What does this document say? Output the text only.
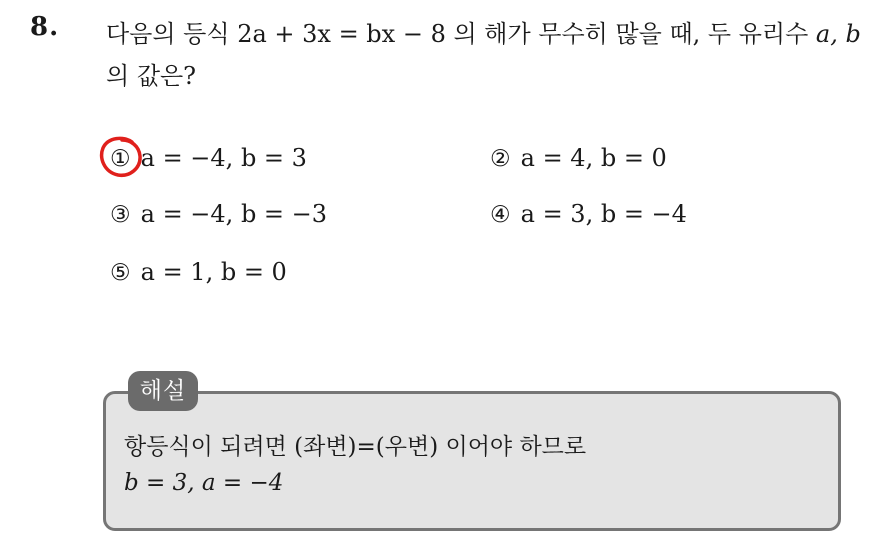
8. 다음의 등식 2a + 3x = bx − 8 의 해가 무수히 많을 때, 두 유리수 a, b
의 값은?
① a = −4, b = 3	② a = 4, b = 0
③ a = −4, b = −3	④ a = 3, b = −4
⑤ a = 1, b = 0
해설
항등식이 되려면 (좌변)=(우변) 이어야 하므로
b = 3, a = −4
